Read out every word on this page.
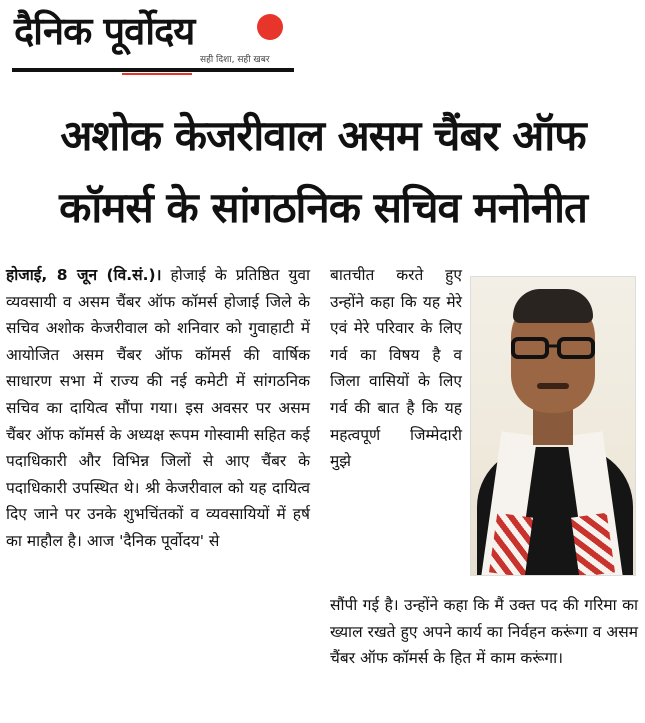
दैनिक पूर्वोदय
सही दिशा, सही खबर
अशोक केजरीवाल असम चैंबर ऑफ
कॉमर्स के सांगठनिक सचिव मनोनीत
होजाई, 8 जून (वि.सं.)। होजाई के प्रतिष्ठित युवा व्यवसायी व असम चैंबर ऑफ कॉमर्स होजाई जिले के सचिव अशोक केजरीवाल को शनिवार को गुवाहाटी में आयोजित असम चैंबर ऑफ कॉमर्स की वार्षिक साधारण सभा में राज्य की नई कमेटी में सांगठनिक सचिव का दायित्व सौंपा गया। इस अवसर पर असम चैंबर ऑफ कॉमर्स के अध्यक्ष रूपम गोस्वामी सहित कई पदाधिकारी और विभिन्न जिलों से आए चैंबर के पदाधिकारी उपस्थित थे। श्री केजरीवाल को यह दायित्व दिए जाने पर उनके शुभचिंतकों व व्यवसायियों में हर्ष का माहौल है। आज 'दैनिक पूर्वोदय' से
बातचीत करते हुए उन्होंने कहा कि यह मेरे एवं मेरे परिवार के लिए गर्व का विषय है व जिला वासियों के लिए गर्व की बात है कि यह महत्वपूर्ण जिम्मेदारी मुझे
सौंपी गई है। उन्होंने कहा कि मैं उक्त पद की गरिमा का ख्याल रखते हुए अपने कार्य का निर्वहन करूंगा व असम चैंबर ऑफ कॉमर्स के हित में काम करूंगा।
